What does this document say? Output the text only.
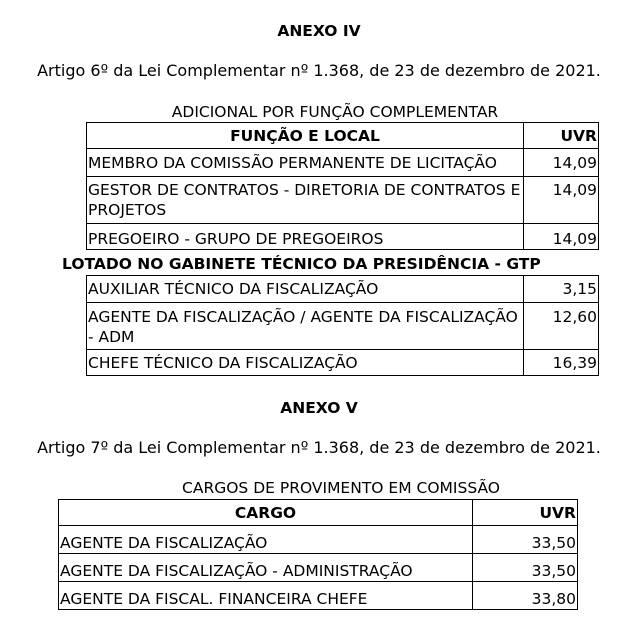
ANEXO IV
Artigo 6º da Lei Complementar nº 1.368, de 23 de dezembro de 2021.
ADICIONAL POR FUNÇÃO COMPLEMENTAR
FUNÇÃO E LOCAL	UVR
MEMBRO DA COMISSÃO PERMANENTE DE LICITAÇÃO	14,09
GESTOR DE CONTRATOS - DIRETORIA DE CONTRATOS E PROJETOS	14,09
PREGOEIRO - GRUPO DE PREGOEIROS	14,09
LOTADO NO GABINETE TÉCNICO DA PRESIDÊNCIA - GTP
AUXILIAR TÉCNICO DA FISCALIZAÇÃO	3,15
AGENTE DA FISCALIZAÇÃO / AGENTE DA FISCALIZAÇÃO - ADM	12,60
CHEFE TÉCNICO DA FISCALIZAÇÃO	16,39
ANEXO V
Artigo 7º da Lei Complementar nº 1.368, de 23 de dezembro de 2021.
CARGOS DE PROVIMENTO EM COMISSÃO
CARGO	UVR
AGENTE DA FISCALIZAÇÃO	33,50
AGENTE DA FISCALIZAÇÃO - ADMINISTRAÇÃO	33,50
AGENTE DA FISCAL. FINANCEIRA CHEFE	33,80
